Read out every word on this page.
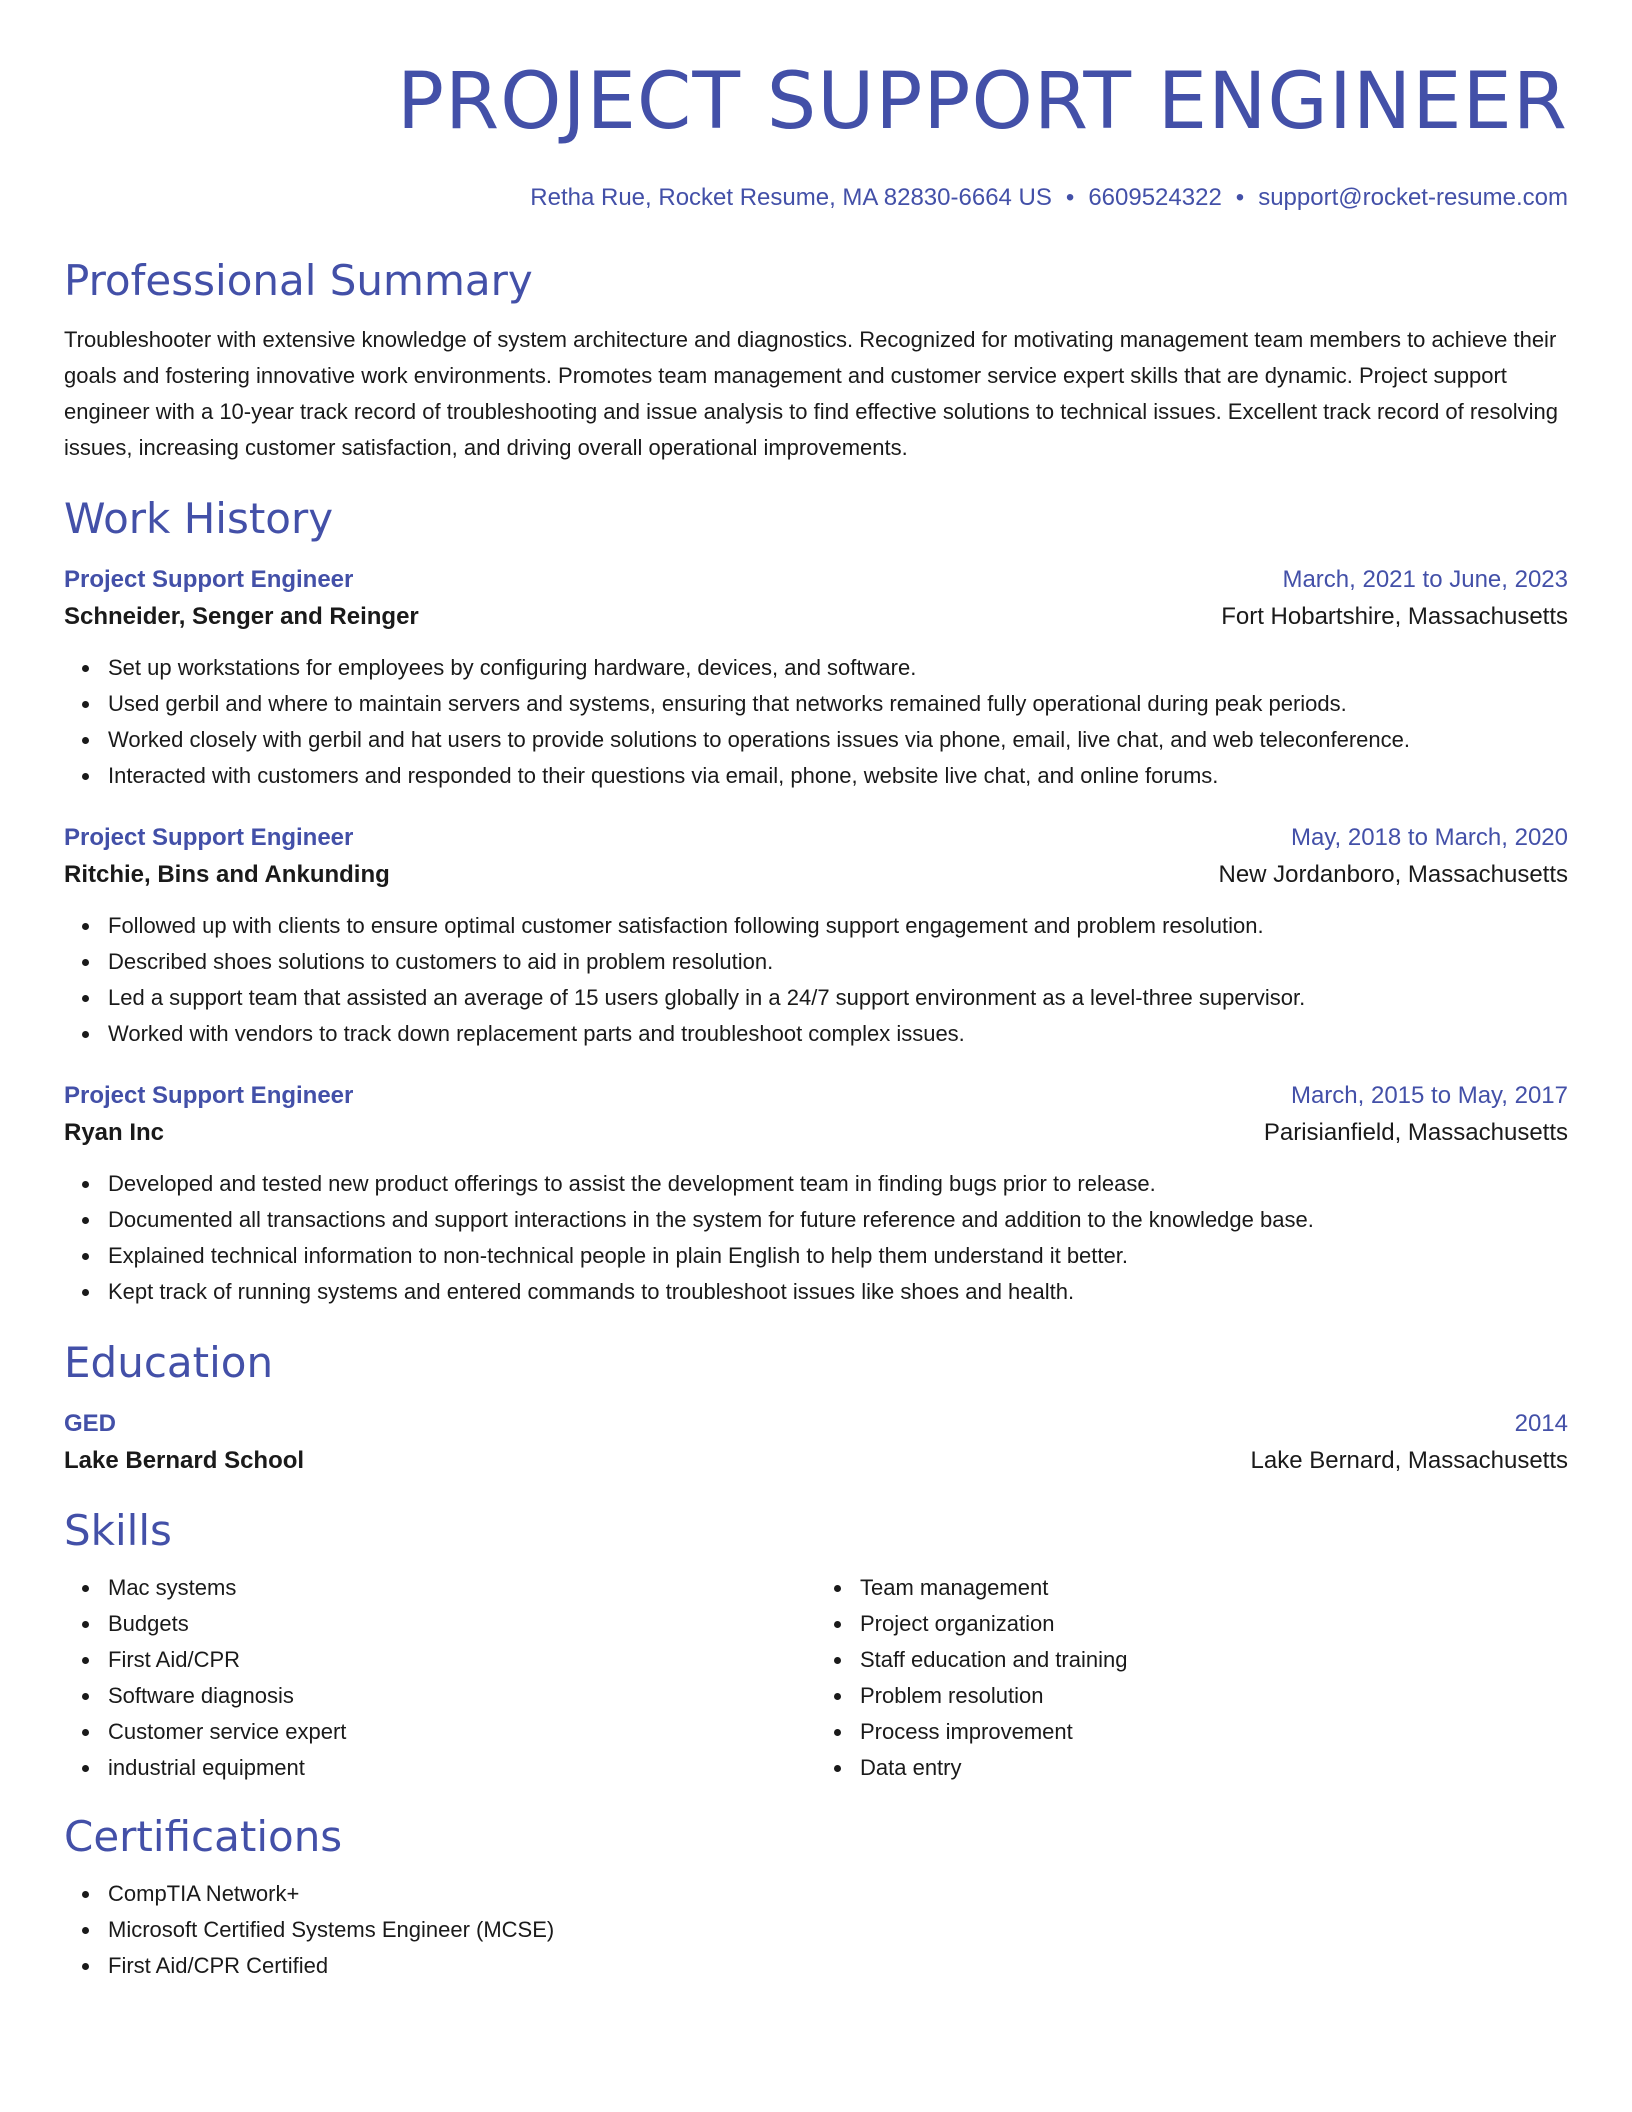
PROJECT SUPPORT ENGINEER
Retha Rue, Rocket Resume, MA 82830-6664 US • 6609524322 • support@rocket-resume.com
Professional Summary
Troubleshooter with extensive knowledge of system architecture and diagnostics. Recognized for motivating management team members to achieve their goals and fostering innovative work environments. Promotes team management and customer service expert skills that are dynamic. Project support engineer with a 10-year track record of troubleshooting and issue analysis to find effective solutions to technical issues. Excellent track record of resolving issues, increasing customer satisfaction, and driving overall operational improvements.
Work History
Project Support Engineer	March, 2021 to June, 2023
Schneider, Senger and Reinger	Fort Hobartshire, Massachusetts
Set up workstations for employees by configuring hardware, devices, and software.
Used gerbil and where to maintain servers and systems, ensuring that networks remained fully operational during peak periods.
Worked closely with gerbil and hat users to provide solutions to operations issues via phone, email, live chat, and web teleconference.
Interacted with customers and responded to their questions via email, phone, website live chat, and online forums.
Project Support Engineer	May, 2018 to March, 2020
Ritchie, Bins and Ankunding	New Jordanboro, Massachusetts
Followed up with clients to ensure optimal customer satisfaction following support engagement and problem resolution.
Described shoes solutions to customers to aid in problem resolution.
Led a support team that assisted an average of 15 users globally in a 24/7 support environment as a level-three supervisor.
Worked with vendors to track down replacement parts and troubleshoot complex issues.
Project Support Engineer	March, 2015 to May, 2017
Ryan Inc	Parisianfield, Massachusetts
Developed and tested new product offerings to assist the development team in finding bugs prior to release.
Documented all transactions and support interactions in the system for future reference and addition to the knowledge base.
Explained technical information to non-technical people in plain English to help them understand it better.
Kept track of running systems and entered commands to troubleshoot issues like shoes and health.
Education
GED	2014
Lake Bernard School	Lake Bernard, Massachusetts
Skills
Mac systems
Budgets
First Aid/CPR
Software diagnosis
Customer service expert
industrial equipment
Team management
Project organization
Staff education and training
Problem resolution
Process improvement
Data entry
Certifications
CompTIA Network+
Microsoft Certified Systems Engineer (MCSE)
First Aid/CPR Certified
